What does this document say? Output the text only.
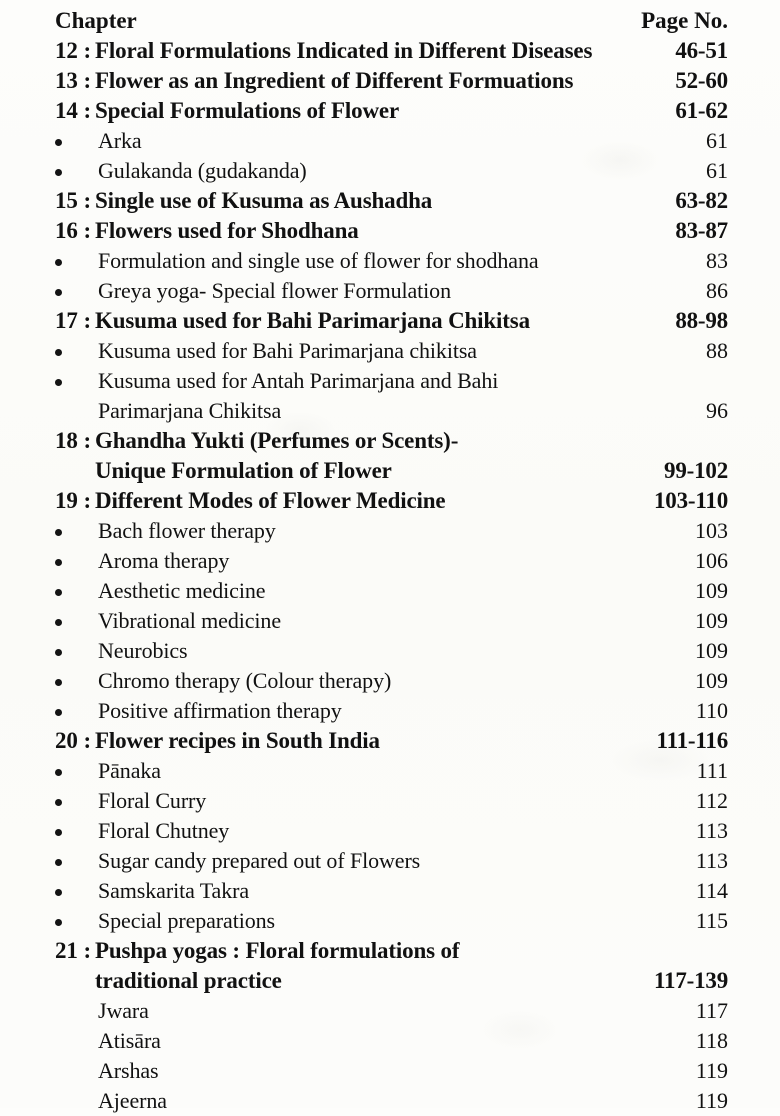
Chapter	Page No.
12 : Floral Formulations Indicated in Different Diseases	46-51
13 : Flower as an Ingredient of Different Formuations	52-60
14 : Special Formulations of Flower	61-62
Arka	61
Gulakanda (gudakanda)	61
15 : Single use of Kusuma as Aushadha	63-82
16 : Flowers used for Shodhana	83-87
Formulation and single use of flower for shodhana	83
Greya yoga- Special flower Formulation	86
17 : Kusuma used for Bahi Parimarjana Chikitsa	88-98
Kusuma used for Bahi Parimarjana chikitsa	88
Kusuma used for Antah Parimarjana and Bahi
Parimarjana Chikitsa	96
18 : Ghandha Yukti (Perfumes or Scents)-
Unique Formulation of Flower	99-102
19 : Different Modes of Flower Medicine	103-110
Bach flower therapy	103
Aroma therapy	106
Aesthetic medicine	109
Vibrational medicine	109
Neurobics	109
Chromo therapy (Colour therapy)	109
Positive affirmation therapy	110
20 : Flower recipes in South India	111-116
Pānaka	111
Floral Curry	112
Floral Chutney	113
Sugar candy prepared out of Flowers	113
Samskarita Takra	114
Special preparations	115
21 : Pushpa yogas : Floral formulations of
traditional practice	117-139
Jwara	117
Atisāra	118
Arshas	119
Ajeerna	119
